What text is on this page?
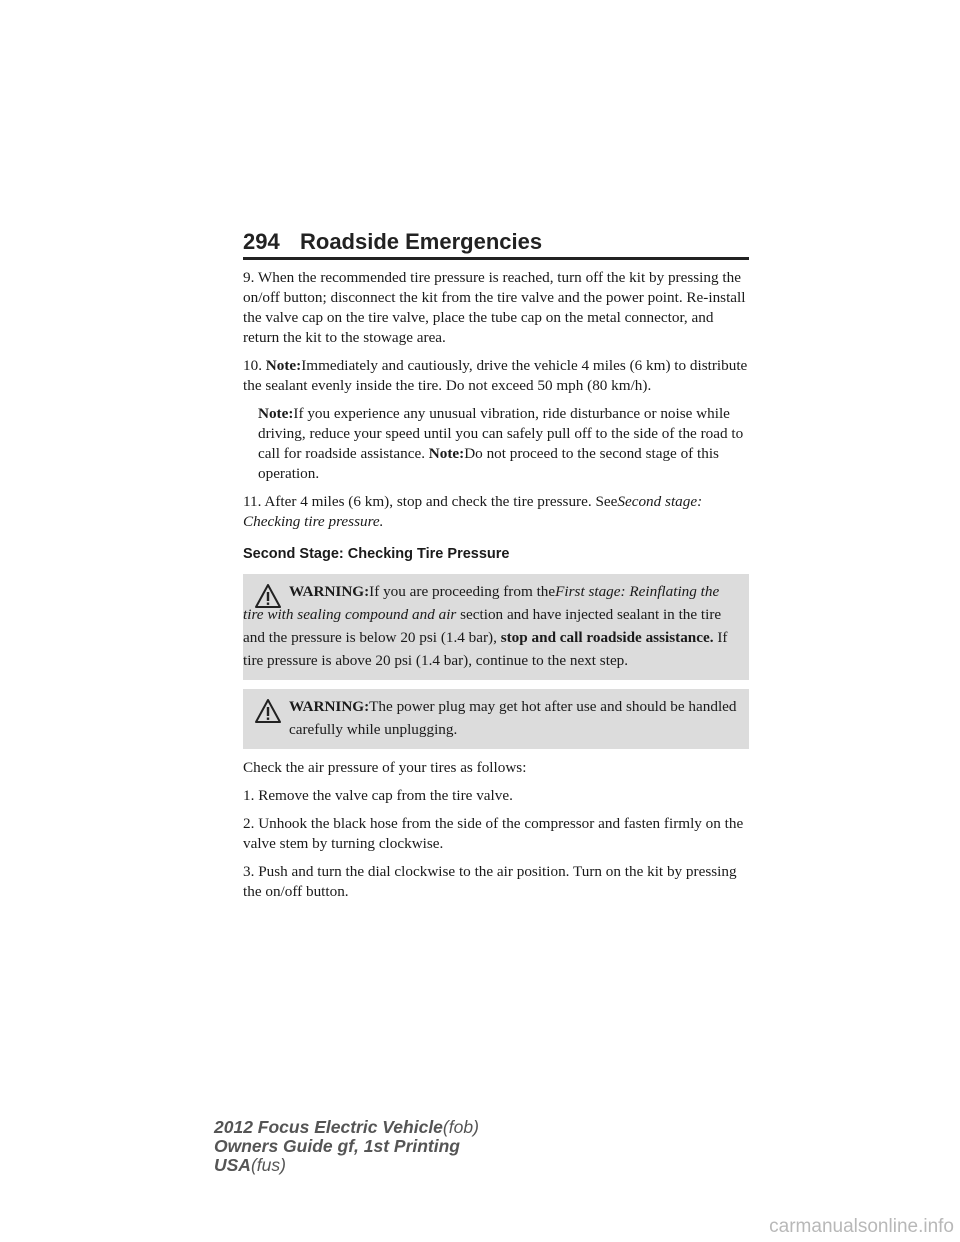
294 Roadside Emergencies

9. When the recommended tire pressure is reached, turn off the kit by pressing the on/off button; disconnect the kit from the tire valve and the power point. Re-install the valve cap on the tire valve, place the tube cap on the metal connector, and return the kit to the stowage area.

10. Note:Immediately and cautiously, drive the vehicle 4 miles (6 km) to distribute the sealant evenly inside the tire. Do not exceed 50 mph (80 km/h).

Note:If you experience any unusual vibration, ride disturbance or noise while driving, reduce your speed until you can safely pull off to the side of the road to call for roadside assistance. Note:Do not proceed to the second stage of this operation.

11. After 4 miles (6 km), stop and check the tire pressure. SeeSecond stage: Checking tire pressure.

Second Stage: Checking Tire Pressure

WARNING:If you are proceeding from theFirst stage: Reinflating the tire with sealing compound and air section and have injected sealant in the tire and the pressure is below 20 psi (1.4 bar), stop and call roadside assistance. If tire pressure is above 20 psi (1.4 bar), continue to the next step.
WARNING:The power plug may get hot after use and should be handled carefully while unplugging.

Check the air pressure of your tires as follows:

1. Remove the valve cap from the tire valve.

2. Unhook the black hose from the side of the compressor and fasten firmly on the valve stem by turning clockwise.

3. Push and turn the dial clockwise to the air position. Turn on the kit by pressing the on/off button.

2012 Focus Electric Vehicle(fob)
Owners Guide gf, 1st Printing
USA(fus)
carmanualsonline.info
